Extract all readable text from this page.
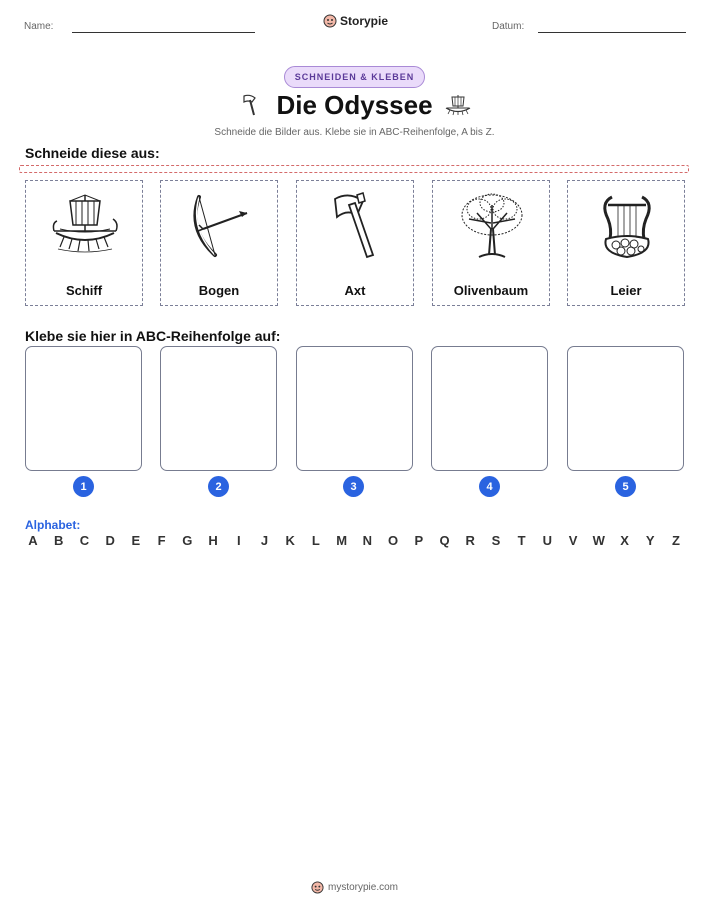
Name:	Storypie	Datum:
SCHNEIDEN & KLEBEN
Die Odyssee
Schneide die Bilder aus. Klebe sie in ABC-Reihenfolge, A bis Z.
Schneide diese aus:
Schiff	Bogen	Axt	Olivenbaum	Leier
Klebe sie hier in ABC-Reihenfolge auf:
1	2	3	4	5
Alphabet:
A B C D E	F	G H	I	J	K	L	M N O P Q R S	T	U V W X Y	Z
mystorypie.com
